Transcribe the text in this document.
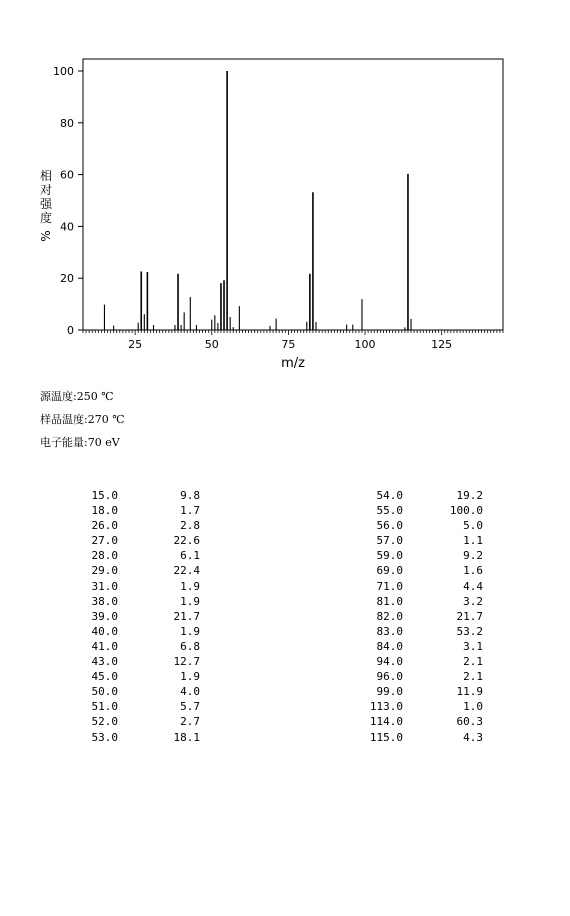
0
20
40
60
80
100
25	50	75	100	125
m/z
相
对
强
度
%
源温度:250 ℃
样品温度:270 ℃
电子能量:70 eV
15.0	9.8
18.0	1.7
26.0	2.8
27.0	22.6
28.0	6.1
29.0	22.4
31.0	1.9
38.0	1.9
39.0	21.7
40.0	1.9
41.0	6.8
43.0	12.7
45.0	1.9
50.0	4.0
51.0	5.7
52.0	2.7
53.0	18.1
54.0	19.2
55.0	100.0
56.0	5.0
57.0	1.1
59.0	9.2
69.0	1.6
71.0	4.4
81.0	3.2
82.0	21.7
83.0	53.2
84.0	3.1
94.0	2.1
96.0	2.1
99.0	11.9
113.0	1.0
114.0	60.3
115.0	4.3
